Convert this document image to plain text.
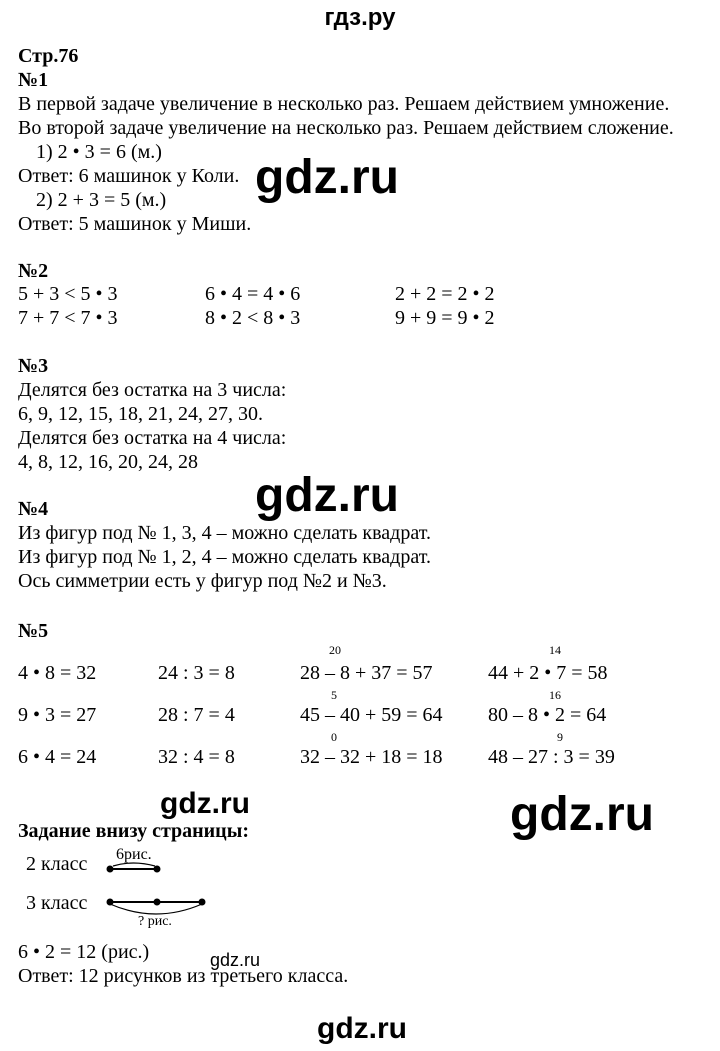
гдз.ру
Стр.76
№1
В первой задаче увеличение в несколько раз. Решаем действием умножение.
Во второй задаче увеличение на несколько раз. Решаем действием сложение.
1) 2 • 3 = 6 (м.)
Ответ: 6 машинок у Коли.
2) 2 + 3 = 5 (м.)
Ответ: 5 машинок у Миши.
gdz.ru
№2
5 + 3 < 5 • 3	6 • 4 = 4 • 6	2 + 2 = 2 • 2
7 + 7 < 7 • 3	8 • 2 < 8 • 3	9 + 9 = 9 • 2
№3
Делятся без остатка на 3 числа:
6, 9, 12, 15, 18, 21, 24, 27, 30.
Делятся без остатка на 4 числа:
4, 8, 12, 16, 20, 24, 28
gdz.ru
№4
Из фигур под № 1, 3, 4 – можно сделать квадрат.
Из фигур под № 1, 2, 4 – можно сделать квадрат.
Ось симметрии есть у фигур под №2 и №3.
№5
20	14
4 • 8 = 32	24 : 3 = 8	28 – 8 + 37 = 57	44 + 2 • 7 = 58
5	16
9 • 3 = 27	28 : 7 = 4	45 – 40 + 59 = 64 80 – 8 • 2 = 64
0	9
6 • 4 = 24	32 : 4 = 8	32 – 32 + 18 = 18 48 – 27 : 3 = 39
gdz.ru	gdz.ru
Задание внизу страницы:
2 класс 6рис.
3 класс
? рис.
6 • 2 = 12 (рис.)	gdz.ru
Ответ: 12 рисунков из третьего класса.
gdz.ru
